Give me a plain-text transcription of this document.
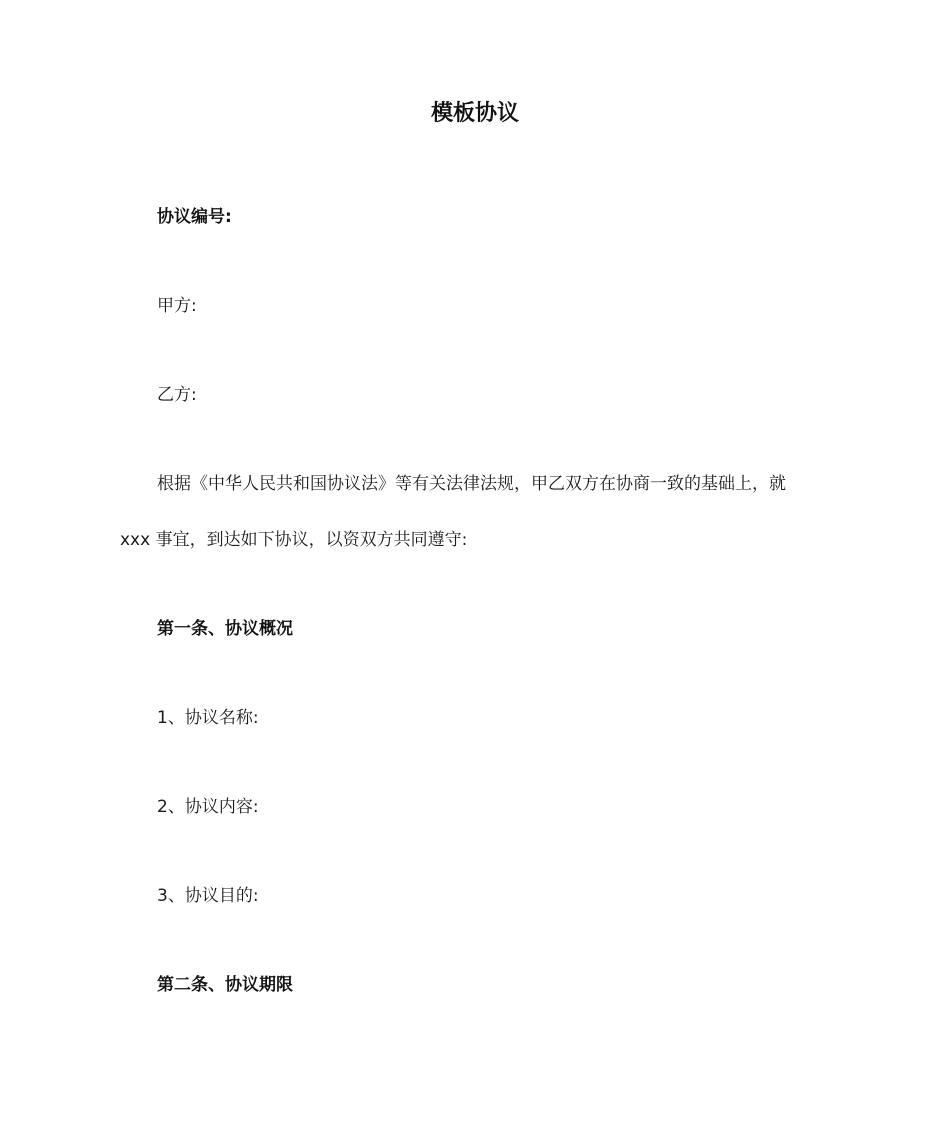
模板协议
协议编号:
甲方:
乙方:
根据《中华人民共和国协议法》等有关法律法规，甲乙双方在协商一致的基础上，就
xxx 事宜，到达如下协议，以资双方共同遵守:
第一条、协议概况
1、协议名称:
2、协议内容:
3、协议目的:
第二条、协议期限
